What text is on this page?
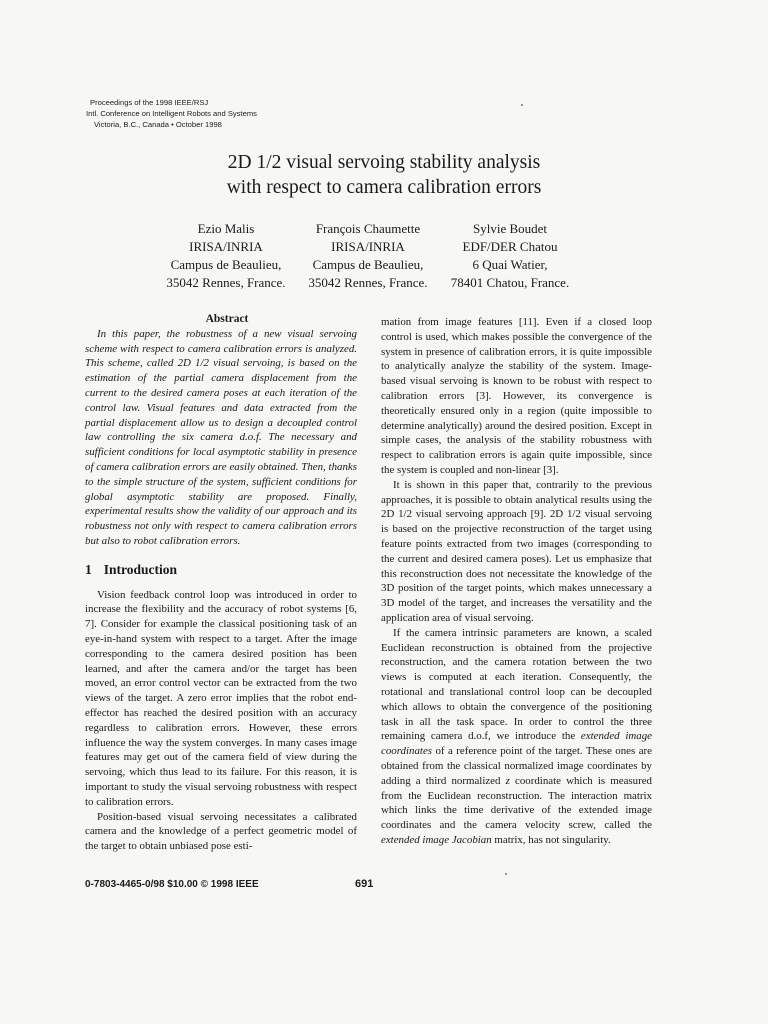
Proceedings of the 1998 IEEE/RSJ
Intl. Conference on Intelligent Robots and Systems
Victoria, B.C., Canada • October 1998
2D 1/2 visual servoing stability analysis
with respect to camera calibration errors
Ezio Malis
IRISA/INRIA
Campus de Beaulieu,
35042 Rennes, France.
François Chaumette
IRISA/INRIA
Campus de Beaulieu,
35042 Rennes, France.
Sylvie Boudet
EDF/DER Chatou
6 Quai Watier,
78401 Chatou, France.

Abstract

In this paper, the robustness of a new visual servoing scheme with respect to camera calibration errors is analyzed. This scheme, called 2D 1/2 visual servoing, is based on the estimation of the partial camera displacement from the current to the desired camera poses at each iteration of the control law. Visual features and data extracted from the partial displacement allow us to design a decoupled control law controlling the six camera d.o.f. The necessary and sufficient conditions for local asymptotic stability in presence of camera calibration errors are easily obtained. Then, thanks to the simple structure of the system, sufficient conditions for global asymptotic stability are proposed. Finally, experimental results show the validity of our approach and its robustness not only with respect to camera calibration errors but also to robot calibration errors.

1 Introduction

Vision feedback control loop was introduced in order to increase the flexibility and the accuracy of robot systems [6, 7]. Consider for example the classical positioning task of an eye-in-hand system with respect to a target. After the image corresponding to the camera desired position has been learned, and after the camera and/or the target has been moved, an error control vector can be extracted from the two views of the target. A zero error implies that the robot end-effector has reached the desired position with an accuracy regardless to calibration errors. However, these errors influence the way the system converges. In many cases image features may get out of the camera field of view during the servoing, which thus lead to its failure. For this reason, it is important to study the visual servoing robustness with respect to calibration errors.

Position-based visual servoing necessitates a calibrated camera and the knowledge of a perfect geometric model of the target to obtain unbiased pose esti-

mation from image features [11]. Even if a closed loop control is used, which makes possible the convergence of the system in presence of calibration errors, it is quite impossible to analytically analyze the stability of the system. Image-based visual servoing is known to be robust with respect to calibration errors [3]. However, its convergence is theoretically ensured only in a region (quite impossible to determine analytically) around the desired position. Except in simple cases, the analysis of the stability robustness with respect to calibration errors is again quite impossible, since the system is coupled and non-linear [3].

It is shown in this paper that, contrarily to the previous approaches, it is possible to obtain analytical results using the 2D 1/2 visual servoing approach [9]. 2D 1/2 visual servoing is based on the projective reconstruction of the target using feature points extracted from two images (corresponding to the current and desired camera poses). Let us emphasize that this reconstruction does not necessitate the knowledge of the 3D position of the target points, which makes unnecessary a 3D model of the target, and increases the versatility and the application area of visual servoing.

If the camera intrinsic parameters are known, a scaled Euclidean reconstruction is obtained from the projective reconstruction, and the camera rotation between the two views is computed at each iteration. Consequently, the rotational and translational control loop can be decoupled which allows to obtain the convergence of the positioning task in all the task space. In order to control the three remaining camera d.o.f, we introduce the extended image coordinates of a reference point of the target. These ones are obtained from the classical normalized image coordinates by adding a third normalized z coordinate which is measured from the Euclidean reconstruction. The interaction matrix which links the time derivative of the extended image coordinates and the camera velocity screw, called the extended image Jacobian matrix, has not singularity.

0-7803-4465-0/98 $10.00 © 1998 IEEE	691
